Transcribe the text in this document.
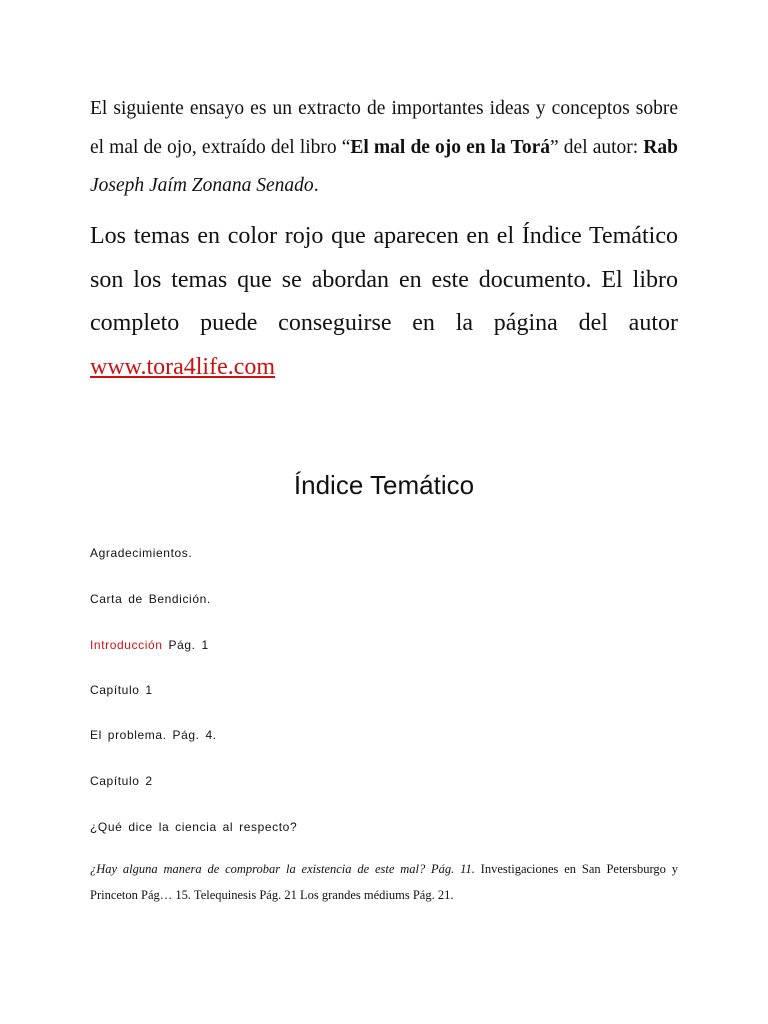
El siguiente ensayo es un extracto de importantes ideas y conceptos sobre el mal de ojo, extraído del libro “El mal de ojo en la Torá” del autor: Rab Joseph Jaím Zonana Senado.

Los temas en color rojo que aparecen en el Índice Temático son los temas que se abordan en este documento. El libro completo puede conseguirse en la página del autor www.tora4life.com

Índice Temático

Agradecimientos.

Carta de Bendición.

Introducción Pág. 1

Capítulo 1

El problema. Pág. 4.

Capítulo 2

¿Qué dice la ciencia al respecto?

¿Hay alguna manera de comprobar la existencia de este mal? Pág. 11. Investigaciones en San Petersburgo y Princeton Pág… 15. Telequinesis Pág. 21 Los grandes médiums Pág. 21.
